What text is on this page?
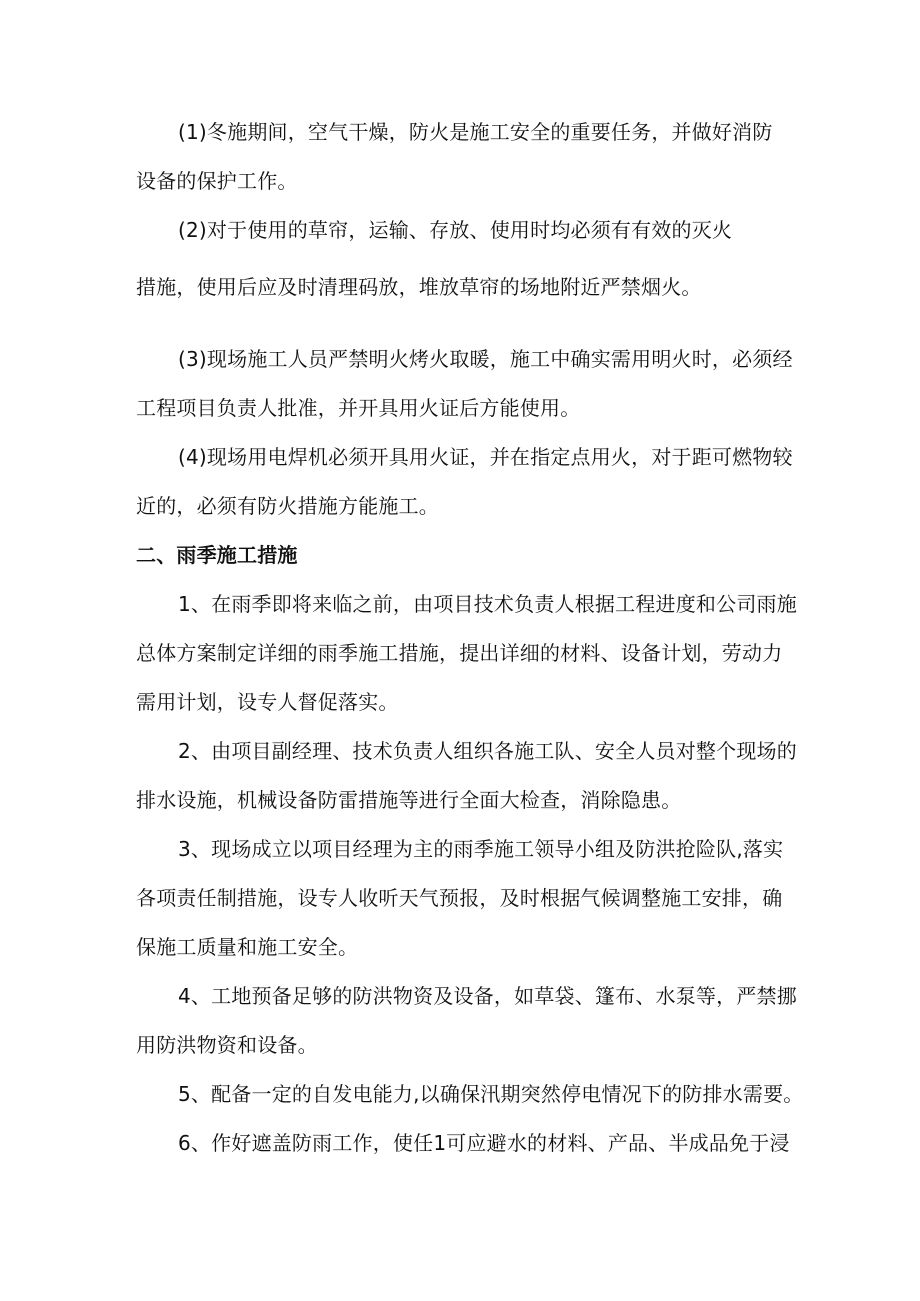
(1)冬施期间，空气干燥，防火是施工安全的重要任务，并做好消防
设备的保护工作。
(2)对于使用的草帘，运输、存放、使用时均必须有有效的灭火
措施，使用后应及时清理码放，堆放草帘的场地附近严禁烟火。
(3)现场施工人员严禁明火烤火取暖，施工中确实需用明火时，必须经
工程项目负责人批准，并开具用火证后方能使用。
(4)现场用电焊机必须开具用火证，并在指定点用火，对于距可燃物较
近的，必须有防火措施方能施工。
二、雨季施工措施
1、在雨季即将来临之前，由项目技术负责人根据工程进度和公司雨施
总体方案制定详细的雨季施工措施，提出详细的材料、设备计划，劳动力
需用计划，设专人督促落实。
2、由项目副经理、技术负责人组织各施工队、安全人员对整个现场的
排水设施，机械设备防雷措施等进行全面大检查，消除隐患。
3、现场成立以项目经理为主的雨季施工领导小组及防洪抢险队,落实
各项责任制措施，设专人收听天气预报，及时根据气候调整施工安排，确
保施工质量和施工安全。
4、工地预备足够的防洪物资及设备，如草袋、篷布、水泵等，严禁挪
用防洪物资和设备。
5、配备一定的自发电能力,以确保汛期突然停电情况下的防排水需要。
6、作好遮盖防雨工作，使任1可应避水的材料、产品、半成品免于浸
